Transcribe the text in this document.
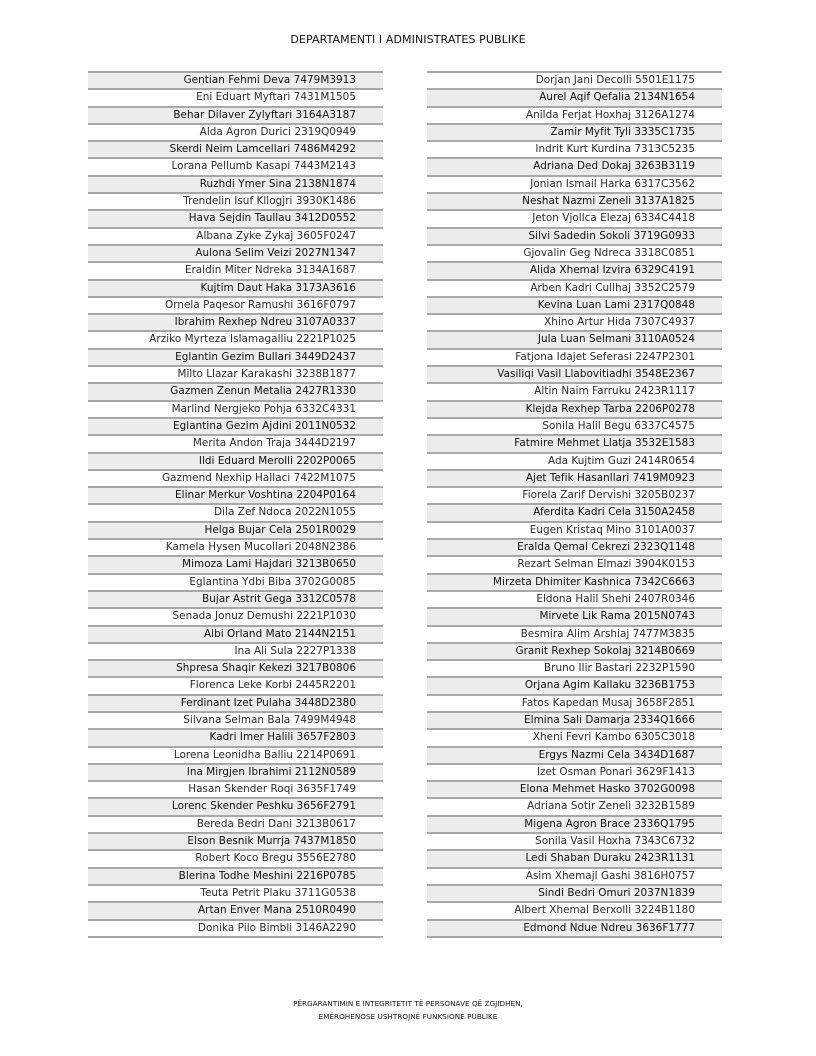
DEPARTAMENTI I ADMINISTRATES PUBLIKE
Gentian Fehmi Deva 7479M3913
Eni Eduart Myftari 7431M1505
Behar Dilaver Zylyftari 3164A3187
Alda Agron Durici 2319Q0949
Skerdi Neim Lamcellari 7486M4292
Lorana Pellumb Kasapi 7443M2143
Ruzhdi Ymer Sina 2138N1874
Trendelin Isuf Kllogjri 3930K1486
Hava Sejdin Taullau 3412D0552
Albana Zyke Zykaj 3605F0247
Aulona Selim Veizi 2027N1347
Eraldin Miter Ndreka 3134A1687
Kujtim Daut Haka 3173A3616
Ornela Paqesor Ramushi 3616F0797
Ibrahim Rexhep Ndreu 3107A0337
Arziko Myrteza Islamagalliu 2221P1025
Eglantin Gezim Bullari 3449D2437
Milto Llazar Karakashi 3238B1877
Gazmen Zenun Metalia 2427R1330
Marlind Nergjeko Pohja 6332C4331
Eglantina Gezim Ajdini 2011N0532
Merita Andon Traja 3444D2197
Ildi Eduard Merolli 2202P0065
Gazmend Nexhip Hallaci 7422M1075
Elinar Merkur Voshtina 2204P0164
Dila Zef Ndoca 2022N1055
Helga Bujar Cela 2501R0029
Kamela Hysen Mucollari 2048N2386
Mimoza Lami Hajdari 3213B0650
Eglantina Ydbi Biba 3702G0085
Bujar Astrit Gega 3312C0578
Senada Jonuz Demushi 2221P1030
Albi Orland Mato 2144N2151
Ina Ali Sula 2227P1338
Shpresa Shaqir Kekezi 3217B0806
Florenca Leke Korbi 2445R2201
Ferdinant Izet Pulaha 3448D2380
Silvana Selman Bala 7499M4948
Kadri Imer Halili 3657F2803
Lorena Leonidha Balliu 2214P0691
Ina Mirgjen Ibrahimi 2112N0589
Hasan Skender Roqi 3635F1749
Lorenc Skender Peshku 3656F2791
Bereda Bedri Dani 3213B0617
Elson Besnik Murrja 7437M1850
Robert Koco Bregu 3556E2780
Blerina Todhe Meshini 2216P0785
Teuta Petrit Plaku 3711G0538
Artan Enver Mana 2510R0490
Donika Pilo Bimbli 3146A2290
Dorjan Jani Decolli 5501E1175
Aurel Aqif Qefalia 2134N1654
Anilda Ferjat Hoxhaj 3126A1274
Zamir Myfit Tyli 3335C1735
Indrit Kurt Kurdina 7313C5235
Adriana Ded Dokaj 3263B3119
Jonian Ismail Harka 6317C3562
Neshat Nazmi Zeneli 3137A1825
Jeton Vjollca Elezaj 6334C4418
Silvi Sadedin Sokoli 3719G0933
Gjovalin Geg Ndreca 3318C0851
Alida Xhemal Izvira 6329C4191
Arben Kadri Cullhaj 3352C2579
Kevina Luan Lami 2317Q0848
Xhino Artur Hida 7307C4937
Jula Luan Selmani 3110A0524
Fatjona Idajet Seferasi 2247P2301
Vasiliqi Vasil Llabovitiadhi 3548E2367
Altin Naim Farruku 2423R1117
Klejda Rexhep Tarba 2206P0278
Sonila Halil Begu 6337C4575
Fatmire Mehmet Llatja 3532E1583
Ada Kujtim Guzi 2414R0654
Ajet Tefik Hasanllari 7419M0923
Fiorela Zarif Dervishi 3205B0237
Aferdita Kadri Cela 3150A2458
Eugen Kristaq Mino 3101A0037
Eralda Qemal Cekrezi 2323Q1148
Rezart Selman Elmazi 3904K0153
Mirzeta Dhimiter Kashnica 7342C6663
Eldona Halil Shehi 2407R0346
Mirvete Lik Rama 2015N0743
Besmira Alim Arshiaj 7477M3835
Granit Rexhep Sokolaj 3214B0669
Bruno Ilir Bastari 2232P1590
Orjana Agim Kallaku 3236B1753
Fatos Kapedan Musaj 3658F2851
Elmina Sali Damarja 2334Q1666
Xheni Fevri Kambo 6305C3018
Ergys Nazmi Cela 3434D1687
Izet Osman Ponari 3629F1413
Elona Mehmet Hasko 3702G0098
Adriana Sotir Zeneli 3232B1589
Migena Agron Brace 2336Q1795
Sonila Vasil Hoxha 7343C6732
Ledi Shaban Duraku 2423R1131
Asim Xhemajl Gashi 3816H0757
Sindi Bedri Omuri 2037N1839
Albert Xhemal Berxolli 3224B1180
Edmond Ndue Ndreu 3636F1777
PËRGARANTIMIN E INTEGRITETIT TË PERSONAVE QË ZGJIDHEN,
EMËROHENOSE USHTROJNË FUNKSIONE PUBLIKE
